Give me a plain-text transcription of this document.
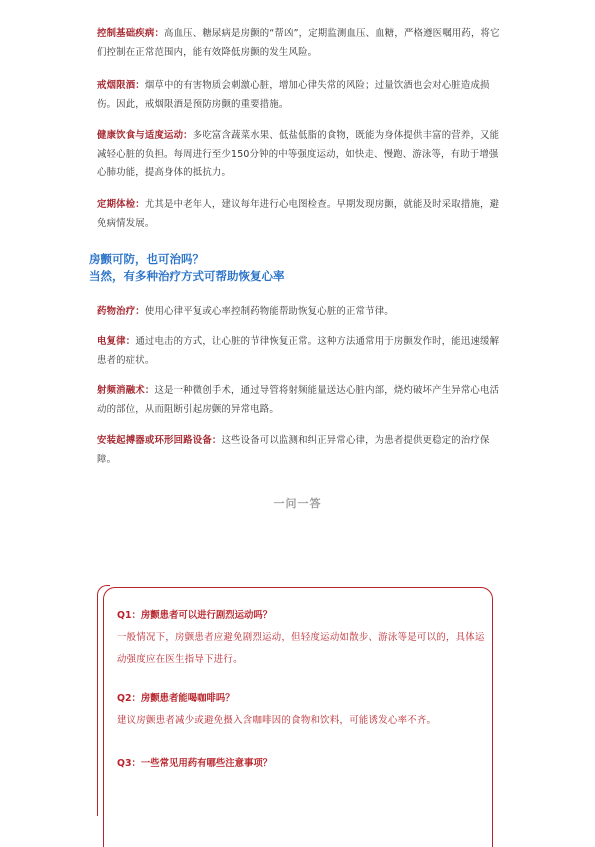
控制基础疾病：高血压、糖尿病是房颤的“帮凶”，定期监测血压、血糖，严格遵医嘱用药，将它们控制在正常范围内，能有效降低房颤的发生风险。

戒烟限酒：烟草中的有害物质会刺激心脏，增加心律失常的风险；过量饮酒也会对心脏造成损伤。因此，戒烟限酒是预防房颤的重要措施。

健康饮食与适度运动：多吃富含蔬菜水果、低盐低脂的食物，既能为身体提供丰富的营养，又能减轻心脏的负担。每周进行至少150分钟的中等强度运动，如快走、慢跑、游泳等，有助于增强心肺功能，提高身体的抵抗力。

定期体检：尤其是中老年人，建议每年进行心电图检查。早期发现房颤，就能及时采取措施，避免病情发展。

房颤可防，也可治吗？

当然，有多种治疗方式可帮助恢复心率

药物治疗：使用心律平复或心率控制药物能帮助恢复心脏的正常节律。

电复律：通过电击的方式，让心脏的节律恢复正常。这种方法通常用于房颤发作时，能迅速缓解患者的症状。

射频消融术：这是一种微创手术，通过导管将射频能量送达心脏内部，烧灼破坏产生异常心电活动的部位，从而阻断引起房颤的异常电路。

安装起搏器或环形回路设备：这些设备可以监测和纠正异常心律，为患者提供更稳定的治疗保障。

一问一答

Q1：房颤患者可以进行剧烈运动吗？

一般情况下，房颤患者应避免剧烈运动，但轻度运动如散步、游泳等是可以的，具体运动强度应在医生指导下进行。

Q2：房颤患者能喝咖啡吗？

建议房颤患者减少或避免摄入含咖啡因的食物和饮料，可能诱发心率不齐。

Q3：一些常见用药有哪些注意事项？
